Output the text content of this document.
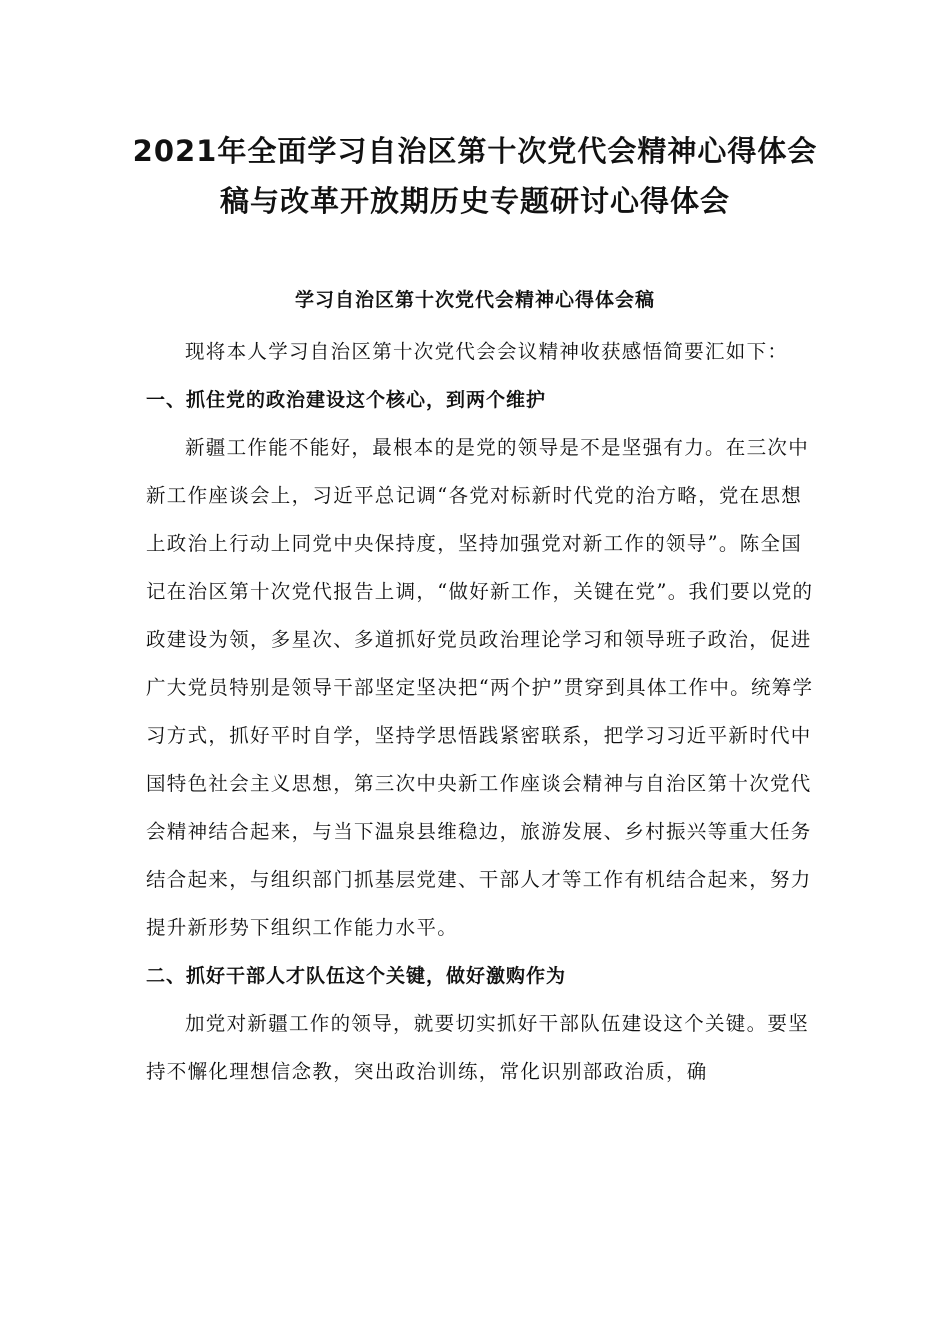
2021年全面学习自治区第十次党代会精神心得体会
稿与改革开放期历史专题研讨心得体会
学习自治区第十次党代会精神心得体会稿

现将本人学习自治区第十次党代会会议精神收获感悟简要汇如下：

一、抓住党的政治建设这个核心，到两个维护

新疆工作能不能好，最根本的是党的领导是不是坚强有力。在三次中新工作座谈会上，习近平总记调“各党对标新时代党的治方略，党在思想上政治上行动上同党中央保持度，坚持加强党对新工作的领导”。陈全国记在治区第十次党代报告上调，“做好新工作，关键在党”。我们要以党的政建设为领，多星次、多道抓好党员政治理论学习和领导班子政治，促进广大党员特别是领导干部坚定坚决把“两个护”贯穿到具体工作中。统筹学习方式，抓好平时自学，坚持学思悟践紧密联系，把学习习近平新时代中国特色社会主义思想，第三次中央新工作座谈会精神与自治区第十次党代会精神结合起来，与当下温泉县维稳边，旅游发展、乡村振兴等重大任务结合起来，与组织部门抓基层党建、干部人才等工作有机结合起来，努力提升新形势下组织工作能力水平。

二、抓好干部人才队伍这个关键，做好激购作为

加党对新疆工作的领导，就要切实抓好干部队伍建设这个关键。要坚持不懈化理想信念教，突出政治训练，常化识别部政治质，确
